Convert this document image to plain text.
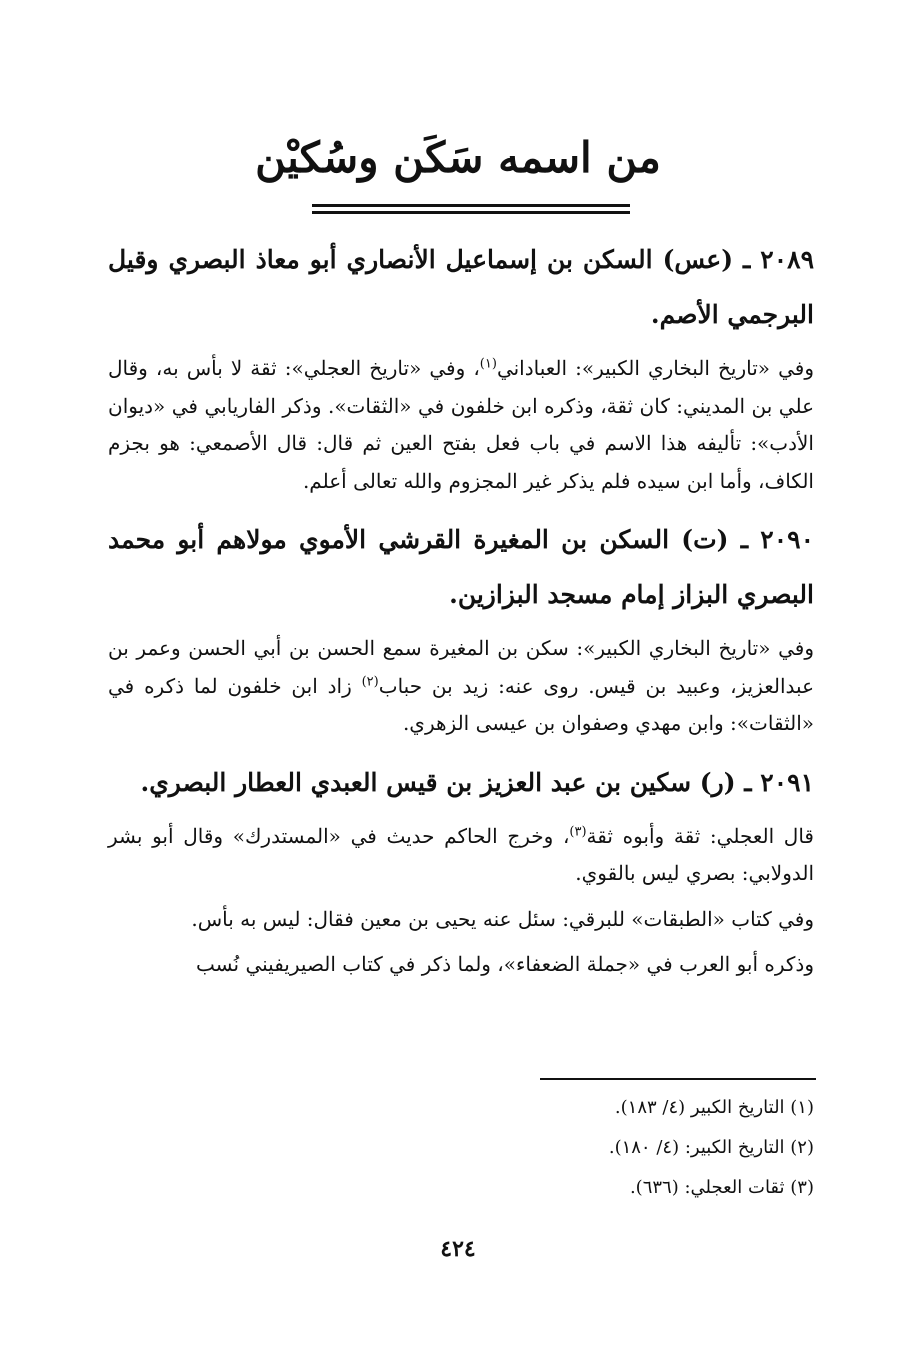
من اسمه سَكَن وسُكيْن

٢٠٨٩ ـ (عس) السكن بن إسماعيل الأنصاري أبو معاذ البصري وقيل البرجمي الأصم.

وفي «تاريخ البخاري الكبير»: العباداني$^{(١)}$، وفي «تاريخ العجلي»: ثقة لا بأس به، وقال علي بن المديني: كان ثقة، وذكره ابن خلفون في «الثقات». وذكر الفاريابي في «ديوان الأدب»: تأليفه هذا الاسم في باب فعل بفتح العين ثم قال: قال الأصمعي: هو بجزم الكاف، وأما ابن سيده فلم يذكر غير المجزوم والله تعالى أعلم.

٢٠٩٠ ـ (ت) السكن بن المغيرة القرشي الأموي مولاهم أبو محمد البصري البزاز إمام مسجد البزازين.

وفي «تاريخ البخاري الكبير»: سكن بن المغيرة سمع الحسن بن أبي الحسن وعمر بن عبدالعزيز، وعبيد بن قيس. روى عنه: زيد بن حباب$^{(٢)}$ زاد ابن خلفون لما ذكره في «الثقات»: وابن مهدي وصفوان بن عيسى الزهري.

٢٠٩١ ـ (ر) سكين بن عبد العزيز بن قيس العبدي العطار البصري.

قال العجلي: ثقة وأبوه ثقة$^{(٣)}$، وخرج الحاكم حديث في «المستدرك» وقال أبو بشر الدولابي: بصري ليس بالقوي.

وفي كتاب «الطبقات» للبرقي: سئل عنه يحيى بن معين فقال: ليس به بأس.

وذكره أبو العرب في «جملة الضعفاء»، ولما ذكر في كتاب الصيريفيني نُسب

(١) التاريخ الكبير (٤/ ١٨٣).

(٢) التاريخ الكبير: (٤/ ١٨٠).

(٣) ثقات العجلي: (٦٣٦).

٤٢٤
